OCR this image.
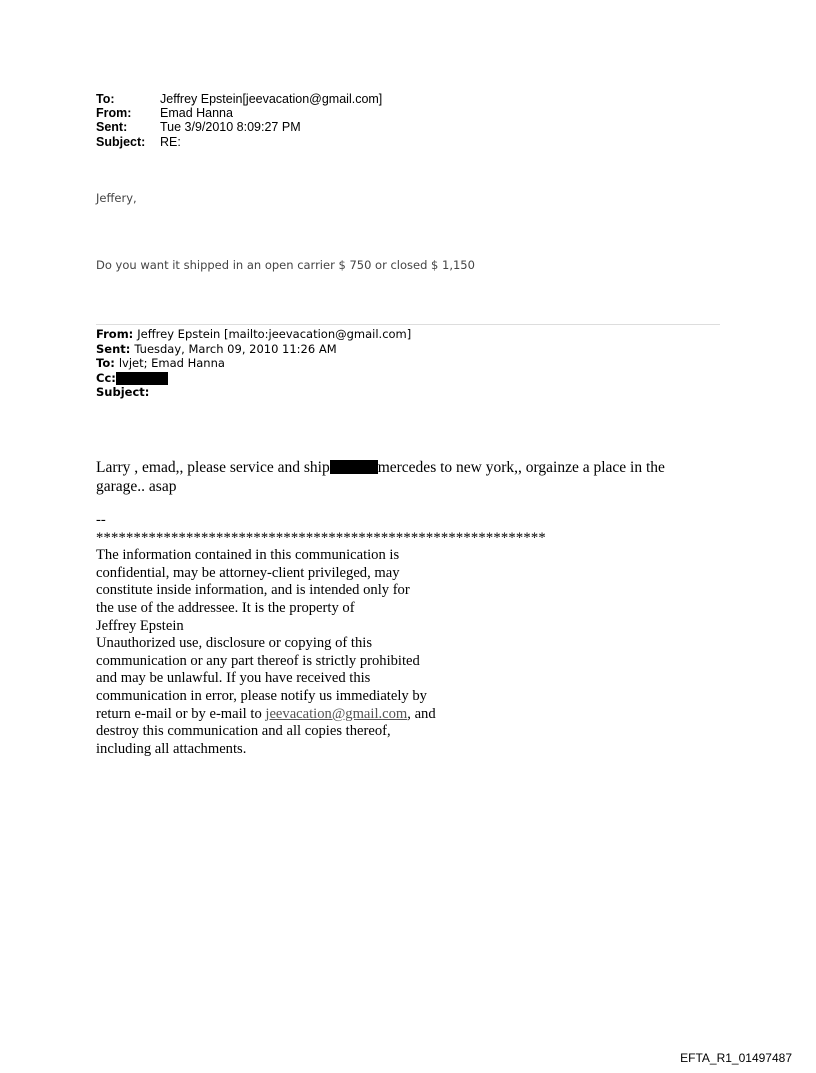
To:	Jeffrey Epstein[jeevacation@gmail.com]
From:	Emad Hanna
Sent:	Tue 3/9/2010 8:09:27 PM
Subject:	RE:
Jeffery,
Do you want it shipped in an open carrier $ 750 or closed $ 1,150
From: Jeffrey Epstein [mailto:jeevacation@gmail.com]
Sent: Tuesday, March 09, 2010 11:26 AM
To: lvjet; Emad Hanna
Cc:
Subject:
Larry , emad,, please service and ship	mercedes to new york,, orgainze a place in the
garage.. asap
--
************************************************************
The information contained in this communication is
confidential, may be attorney-client privileged, may
constitute inside information, and is intended only for
the use of the addressee. It is the property of
Jeffrey Epstein
Unauthorized use, disclosure or copying of this
communication or any part thereof is strictly prohibited
and may be unlawful. If you have received this
communication in error, please notify us immediately by
return e-mail or by e-mail to jeevacation@gmail.com, and
destroy this communication and all copies thereof,
including all attachments.
EFTA_R1_01497487
